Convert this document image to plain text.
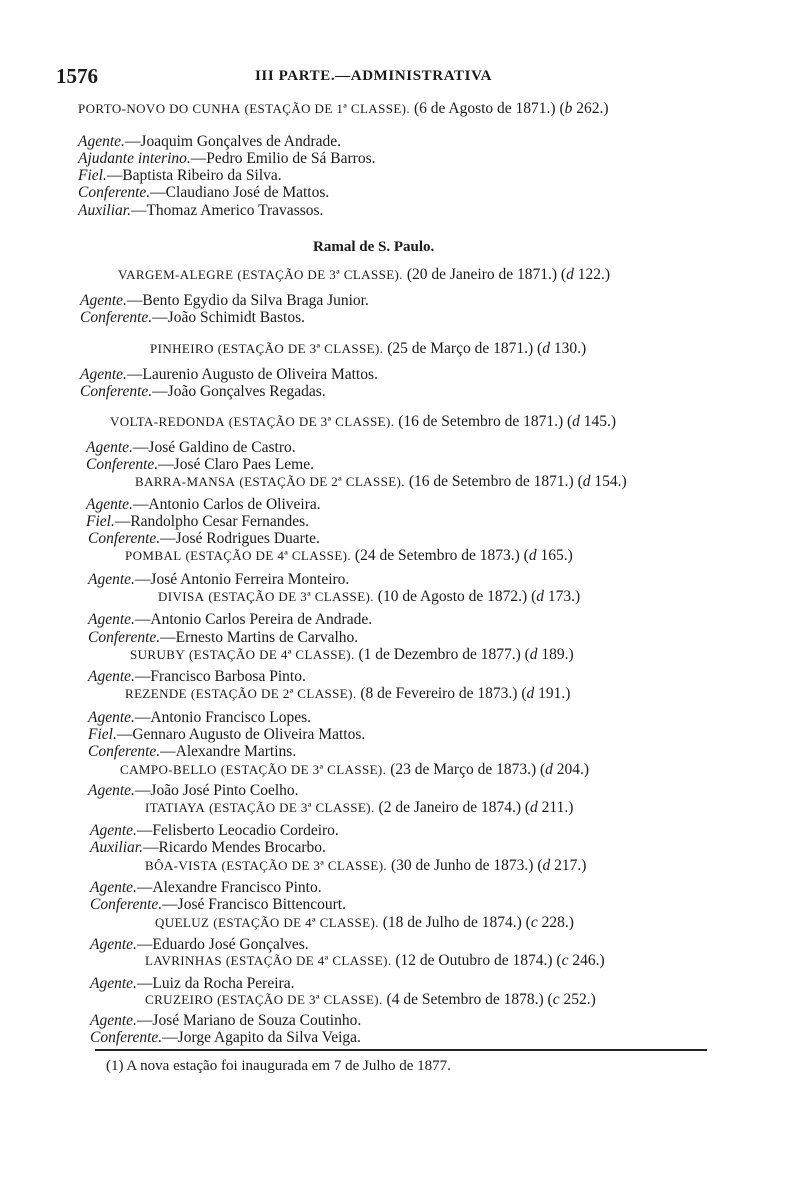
1576	III PARTE.—ADMINISTRATIVA
Ramal de S. Paulo.
PORTO-NOVO DO CUNHA (ESTAÇÃO DE 1ª CLASSE). (6 de Agosto de 1871.) (b 262.)
Agente.—Joaquim Gonçalves de Andrade.
Ajudante interino.—Pedro Emilio de Sá Barros.
Fiel.—Baptista Ribeiro da Silva.
Conferente.—Claudiano José de Mattos.
Auxiliar.—Thomaz Americo Travassos.
VARGEM-ALEGRE (ESTAÇÃO DE 3ª CLASSE). (20 de Janeiro de 1871.) (d 122.)
Agente.—Bento Egydio da Silva Braga Junior.
Conferente.—João Schimidt Bastos.
PINHEIRO (ESTAÇÃO DE 3ª CLASSE). (25 de Março de 1871.) (d 130.)
Agente.—Laurenio Augusto de Oliveira Mattos.
Conferente.—João Gonçalves Regadas.
VOLTA-REDONDA (ESTAÇÃO DE 3ª CLASSE). (16 de Setembro de 1871.) (d 145.)
Agente.—José Galdino de Castro.
Conferente.—José Claro Paes Leme.
BARRA-MANSA (ESTAÇÃO DE 2ª CLASSE). (16 de Setembro de 1871.) (d 154.)
Agente.—Antonio Carlos de Oliveira.
Fiel.—Randolpho Cesar Fernandes.
Conferente.—José Rodrigues Duarte.
POMBAL (ESTAÇÃO DE 4ª CLASSE). (24 de Setembro de 1873.) (d 165.)
Agente.—José Antonio Ferreira Monteiro.
DIVISA (ESTAÇÃO DE 3ª CLASSE). (10 de Agosto de 1872.) (d 173.)
Agente.—Antonio Carlos Pereira de Andrade.
Conferente.—Ernesto Martins de Carvalho.
SURUBY (ESTAÇÃO DE 4ª CLASSE). (1 de Dezembro de 1877.) (d 189.)
Agente.—Francisco Barbosa Pinto.
REZENDE (ESTAÇÃO DE 2ª CLASSE). (8 de Fevereiro de 1873.) (d 191.)
Agente.—Antonio Francisco Lopes.
Fiel.—Gennaro Augusto de Oliveira Mattos.
Conferente.—Alexandre Martins.
CAMPO-BELLO (ESTAÇÃO DE 3ª CLASSE). (23 de Março de 1873.) (d 204.)
Agente.—João José Pinto Coelho.
ITATIAYA (ESTAÇÃO DE 3ª CLASSE). (2 de Janeiro de 1874.) (d 211.)
Agente.—Felisberto Leocadio Cordeiro.
Auxiliar.—Ricardo Mendes Brocarbo.
BÔA-VISTA (ESTAÇÃO DE 3ª CLASSE). (30 de Junho de 1873.) (d 217.)
Agente.—Alexandre Francisco Pinto.
Conferente.—José Francisco Bittencourt.
QUELUZ (ESTAÇÃO DE 4ª CLASSE). (18 de Julho de 1874.) (c 228.)
Agente.—Eduardo José Gonçalves.
LAVRINHAS (ESTAÇÃO DE 4ª CLASSE). (12 de Outubro de 1874.) (c 246.)
Agente.—Luiz da Rocha Pereira.
CRUZEIRO (ESTAÇÃO DE 3ª CLASSE). (4 de Setembro de 1878.) (c 252.)
Agente.—José Mariano de Souza Coutinho.
Conferente.—Jorge Agapito da Silva Veiga.
(1) A nova estação foi inaugurada em 7 de Julho de 1877.
